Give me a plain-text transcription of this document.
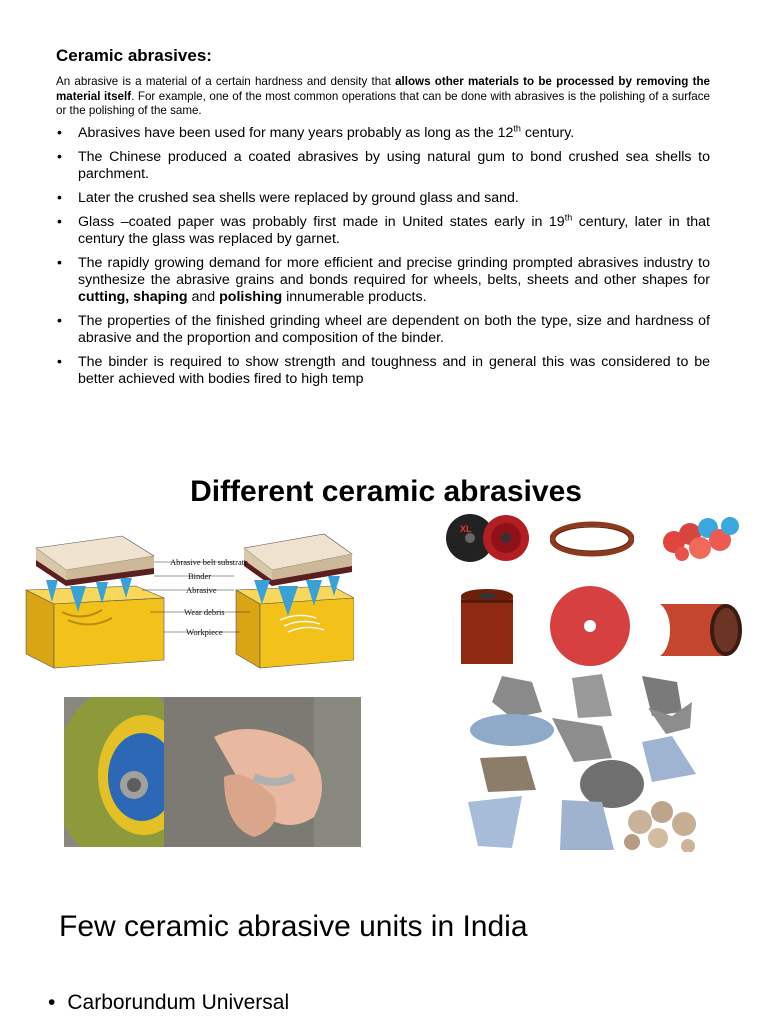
Ceramic abrasives:
An abrasive is a material of a certain hardness and density that allows other materials to be processed by removing the material itself. For example, one of the most common operations that can be done with abrasives is the polishing of a surface or the polishing of the same.
• Abrasives have been used for many years probably as long as the 12th century.
• The Chinese produced a coated abrasives by using natural gum to bond crushed sea shells to parchment.
• Later the crushed sea shells were replaced by ground glass and sand.
• Glass –coated paper was probably first made in United states early in 19th century, later in that century the glass was replaced by garnet.
• The rapidly growing demand for more efficient and precise grinding prompted abrasives industry to synthesize the abrasive grains and bonds required for wheels, belts, sheets and other shapes for cutting, shaping and polishing innumerable products.
• The properties of the finished grinding wheel are dependent on both the type, size and hardness of abrasive and the proportion and composition of the binder.
• The binder is required to show strength and toughness and in general this was considered to be better achieved with bodies fired to high temp
Different ceramic abrasives
Abrasive belt substrate
Binder
Abrasive
Wear debris
Workpiece
XL
Few ceramic abrasive units in India
• Carborundum Universal
